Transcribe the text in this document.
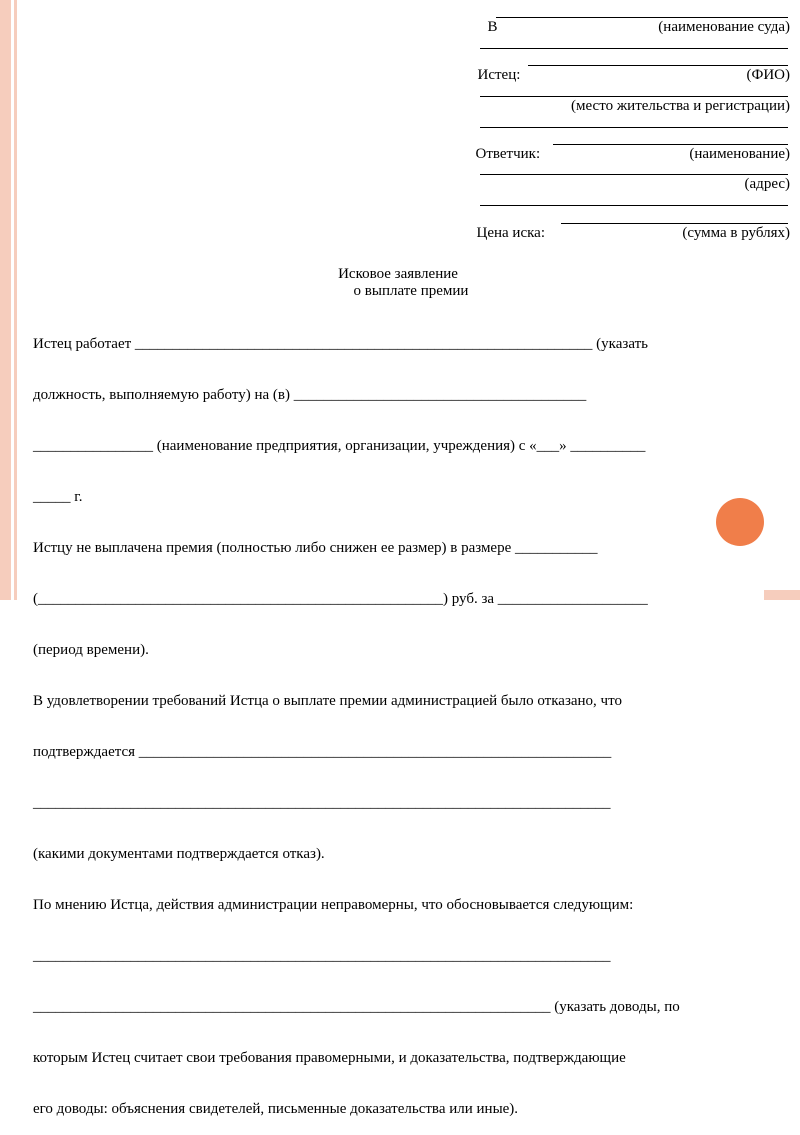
В	(наименование суда)

Истец:	(ФИО)
(место жительства и регистрации)

Ответчик:	(наименование)
(адрес)

Цена иска:	(сумма в рублях)
Исковое заявление
о выплате премии

Истец работает _____________________________________________________________ (указать

должность, выполняемую работу) на (в) _______________________________________

________________ (наименование предприятия, организации, учреждения) с «___» __________

_____ г.

Истцу не выплачена премия (полностью либо снижен ее размер) в размере ___________

(______________________________________________________) руб. за ____________________

(период времени).

В удовлетворении требований Истца о выплате премии администрацией было отказано, что

подтверждается _______________________________________________________________

_____________________________________________________________________________

(какими документами подтверждается отказ).

По мнению Истца, действия администрации неправомерны, что обосновывается следующим:

_____________________________________________________________________________

_____________________________________________________________________ (указать доводы, по

которым Истец считает свои требования правомерными, и доказательства, подтверждающие

его доводы: объяснения свидетелей, письменные доказательства или иные).
